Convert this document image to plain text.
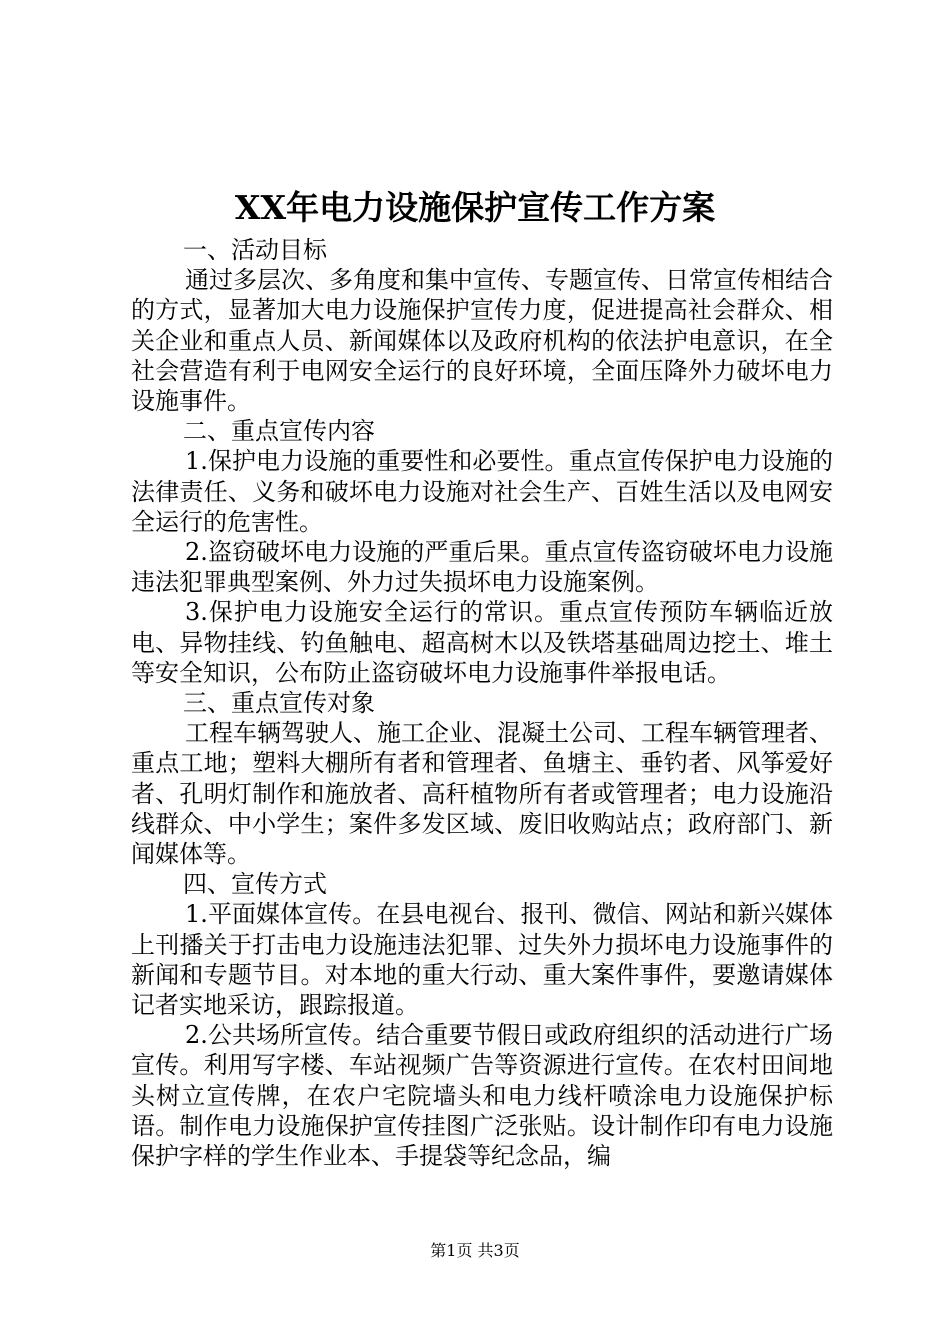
XX年电力设施保护宣传工作方案

一、活动目标

通过多层次、多角度和集中宣传、专题宣传、日常宣传相结合的方式，显著加大电力设施保护宣传力度，促进提高社会群众、相关企业和重点人员、新闻媒体以及政府机构的依法护电意识，在全社会营造有利于电网安全运行的良好环境，全面压降外力破坏电力设施事件。

二、重点宣传内容

1.保护电力设施的重要性和必要性。重点宣传保护电力设施的法律责任、义务和破坏电力设施对社会生产、百姓生活以及电网安全运行的危害性。

2.盗窃破坏电力设施的严重后果。重点宣传盗窃破坏电力设施违法犯罪典型案例、外力过失损坏电力设施案例。

3.保护电力设施安全运行的常识。重点宣传预防车辆临近放电、异物挂线、钓鱼触电、超高树木以及铁塔基础周边挖土、堆土等安全知识，公布防止盗窃破坏电力设施事件举报电话。

三、重点宣传对象

工程车辆驾驶人、施工企业、混凝土公司、工程车辆管理者、重点工地；塑料大棚所有者和管理者、鱼塘主、垂钓者、风筝爱好者、孔明灯制作和施放者、高秆植物所有者或管理者；电力设施沿线群众、中小学生；案件多发区域、废旧收购站点；政府部门、新闻媒体等。

四、宣传方式

1.平面媒体宣传。在县电视台、报刊、微信、网站和新兴媒体上刊播关于打击电力设施违法犯罪、过失外力损坏电力设施事件的新闻和专题节目。对本地的重大行动、重大案件事件，要邀请媒体记者实地采访，跟踪报道。

2.公共场所宣传。结合重要节假日或政府组织的活动进行广场宣传。利用写字楼、车站视频广告等资源进行宣传。在农村田间地头树立宣传牌，在农户宅院墙头和电力线杆喷涂电力设施保护标语。制作电力设施保护宣传挂图广泛张贴。设计制作印有电力设施保护字样的学生作业本、手提袋等纪念品，编

第1页 共3页
